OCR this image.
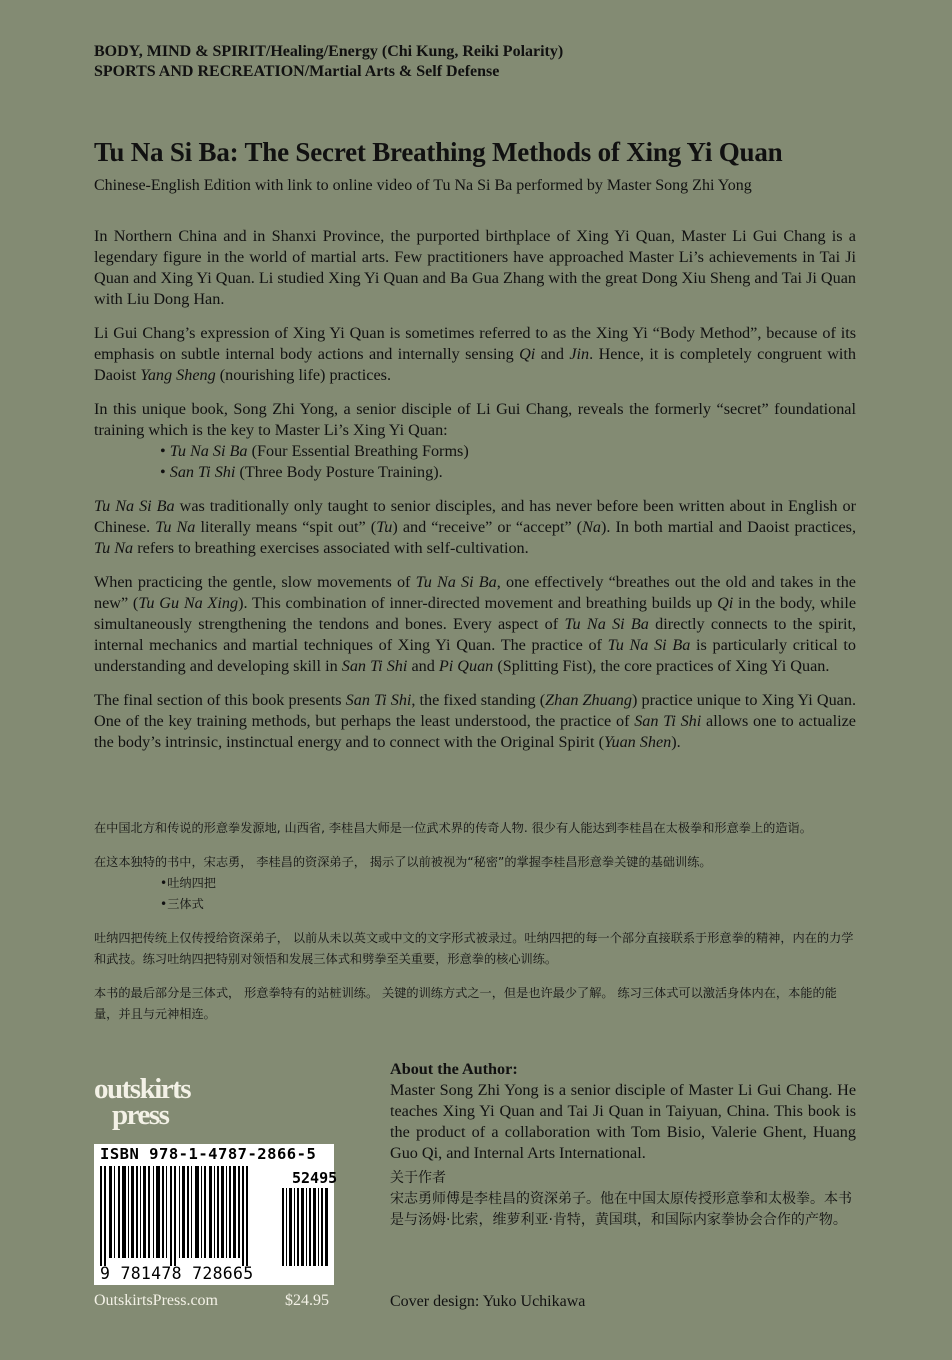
BODY, MIND & SPIRIT/Healing/Energy (Chi Kung, Reiki Polarity)
SPORTS AND RECREATION/Martial Arts & Self Defense
Tu Na Si Ba: The Secret Breathing Methods of Xing Yi Quan
Chinese-English Edition with link to online video of Tu Na Si Ba performed by Master Song Zhi Yong

In Northern China and in Shanxi Province, the purported birthplace of Xing Yi Quan, Master Li Gui Chang is a legendary figure in the world of martial arts. Few practitioners have approached Master Li’s achievements in Tai Ji Quan and Xing Yi Quan. Li studied Xing Yi Quan and Ba Gua Zhang with the great Dong Xiu Sheng and Tai Ji Quan with Liu Dong Han.

Li Gui Chang’s expression of Xing Yi Quan is sometimes referred to as the Xing Yi “Body Method”, because of its emphasis on subtle internal body actions and internally sensing Qi and Jin. Hence, it is completely congruent with Daoist Yang Sheng (nourishing life) practices.

In this unique book, Song Zhi Yong, a senior disciple of Li Gui Chang, reveals the formerly “secret” foundational training which is the key to Master Li’s Xing Yi Quan:

• Tu Na Si Ba (Four Essential Breathing Forms)
• San Ti Shi (Three Body Posture Training).

Tu Na Si Ba was traditionally only taught to senior disciples, and has never before been written about in English or Chinese. Tu Na literally means “spit out” (Tu) and “receive” or “accept” (Na). In both martial and Daoist practices, Tu Na refers to breathing exercises associated with self-cultivation.

When practicing the gentle, slow movements of Tu Na Si Ba, one effectively “breathes out the old and takes in the new” (Tu Gu Na Xing). This combination of inner-directed movement and breathing builds up Qi in the body, while simultaneously strengthening the tendons and bones. Every aspect of Tu Na Si Ba directly connects to the spirit, internal mechanics and martial techniques of Xing Yi Quan. The practice of Tu Na Si Ba is particularly critical to understanding and developing skill in San Ti Shi and Pi Quan (Splitting Fist), the core practices of Xing Yi Quan.

The final section of this book presents San Ti Shi, the fixed standing (Zhan Zhuang) practice unique to Xing Yi Quan. One of the key training methods, but perhaps the least understood, the practice of San Ti Shi allows one to actualize the body’s intrinsic, instinctual energy and to connect with the Original Spirit (Yuan Shen).

在中国北方和传说的形意拳发源地, 山西省, 李桂昌大师是一位武术界的传奇人物. 很少有人能达到李桂昌在太极拳和形意拳上的造诣。

在这本独特的书中，宋志勇， 李桂昌的资深弟子， 揭示了以前被视为“秘密”的掌握李桂昌形意拳关键的基础训练。

•吐纳四把
•三体式

吐纳四把传统上仅传授给资深弟子， 以前从未以英文或中文的文字形式被录过。吐纳四把的每一个部分直接联系于形意拳的精神，内在的力学和武技。练习吐纳四把特别对领悟和发展三体式和劈拳至关重要，形意拳的核心训练。

本书的最后部分是三体式， 形意拳特有的站桩训练。 关键的训练方式之一，但是也许最少了解。 练习三体式可以激活身体内在，本能的能量，并且与元神相连。

outskirts
press
ISBN 978-1-4787-2866-5
52495
9 781478 728665
OutskirtsPress.com	$24.95
About the Author:
Master Song Zhi Yong is a senior disciple of Master Li Gui Chang. He teaches Xing Yi Quan and Tai Ji Quan in Taiyuan, China. This book is the product of a collaboration with Tom Bisio, Valerie Ghent, Huang Guo Qi, and Internal Arts International.
关于作者
宋志勇师傅是李桂昌的资深弟子。他在中国太原传授形意拳和太极拳。本书是与汤姆·比索，维萝利亚·肯特，黄国琪，和国际内家拳协会合作的产物。
Cover design: Yuko Uchikawa
